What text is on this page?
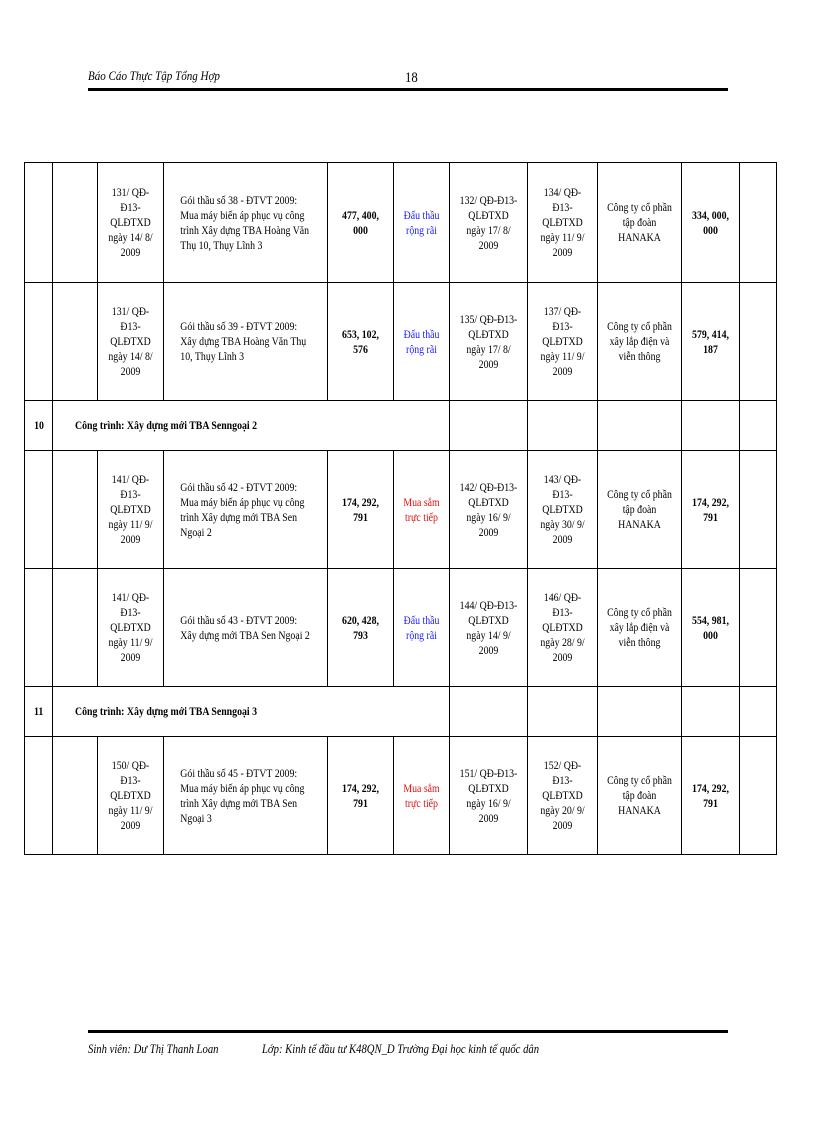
Báo Cáo Thực Tập Tổng Hợp	18
		131/ QĐ-Đ13-QLĐTXD ngày 14/ 8/ 2009	Gói thầu số 38 - ĐTVT 2009: Mua máy biến áp phục vụ công trình Xây dựng TBA Hoàng Văn Thụ 10, Thụy Lĩnh 3	477, 400, 000	Đấu thầu rộng rãi	132/ QĐ-Đ13-QLĐTXD ngày 17/ 8/ 2009	134/ QĐ-Đ13-QLĐTXD ngày 11/ 9/ 2009	Công ty cổ phần tập đoàn HANAKA	334, 000, 000	
		131/ QĐ-Đ13-QLĐTXD ngày 14/ 8/ 2009	Gói thầu số 39 - ĐTVT 2009: Xây dựng TBA Hoàng Văn Thụ 10, Thụy Lĩnh 3	653, 102, 576	Đấu thầu rộng rãi	135/ QĐ-Đ13-QLĐTXD ngày 17/ 8/ 2009	137/ QĐ-Đ13-QLĐTXD ngày 11/ 9/ 2009	Công ty cổ phần xây lắp điện và viễn thông	579, 414, 187	
10	Công trình: Xây dựng mới TBA Senngoại 2									
		141/ QĐ-Đ13-QLĐTXD ngày 11/ 9/ 2009	Gói thầu số 42 - ĐTVT 2009: Mua máy biến áp phục vụ công trình Xây dựng mới TBA Sen Ngoại 2	174, 292, 791	Mua sắm trực tiếp	142/ QĐ-Đ13-QLĐTXD ngày 16/ 9/ 2009	143/ QĐ-Đ13-QLĐTXD ngày 30/ 9/ 2009	Công ty cổ phần tập đoàn HANAKA	174, 292, 791	
		141/ QĐ-Đ13-QLĐTXD ngày 11/ 9/ 2009	Gói thầu số 43 - ĐTVT 2009: Xây dựng mới TBA Sen Ngoại 2	620, 428, 793	Đấu thầu rộng rãi	144/ QĐ-Đ13-QLĐTXD ngày 14/ 9/ 2009	146/ QĐ-Đ13-QLĐTXD ngày 28/ 9/ 2009	Công ty cổ phần xây lắp điện và viễn thông	554, 981, 000	
11	Công trình: Xây dựng mới TBA Senngoại 3									
		150/ QĐ-Đ13-QLĐTXD ngày 11/ 9/ 2009	Gói thầu số 45 - ĐTVT 2009: Mua máy biến áp phục vụ công trình Xây dựng mới TBA Sen Ngoại 3	174, 292, 791	Mua sắm trực tiếp	151/ QĐ-Đ13-QLĐTXD ngày 16/ 9/ 2009	152/ QĐ-Đ13-QLĐTXD ngày 20/ 9/ 2009	Công ty cổ phần tập đoàn HANAKA	174, 292, 791	
Sinh viên: Dư Thị Thanh Loan	Lớp: Kinh tế đầu tư K48QN_D Trường Đại học kinh tế quốc dân
